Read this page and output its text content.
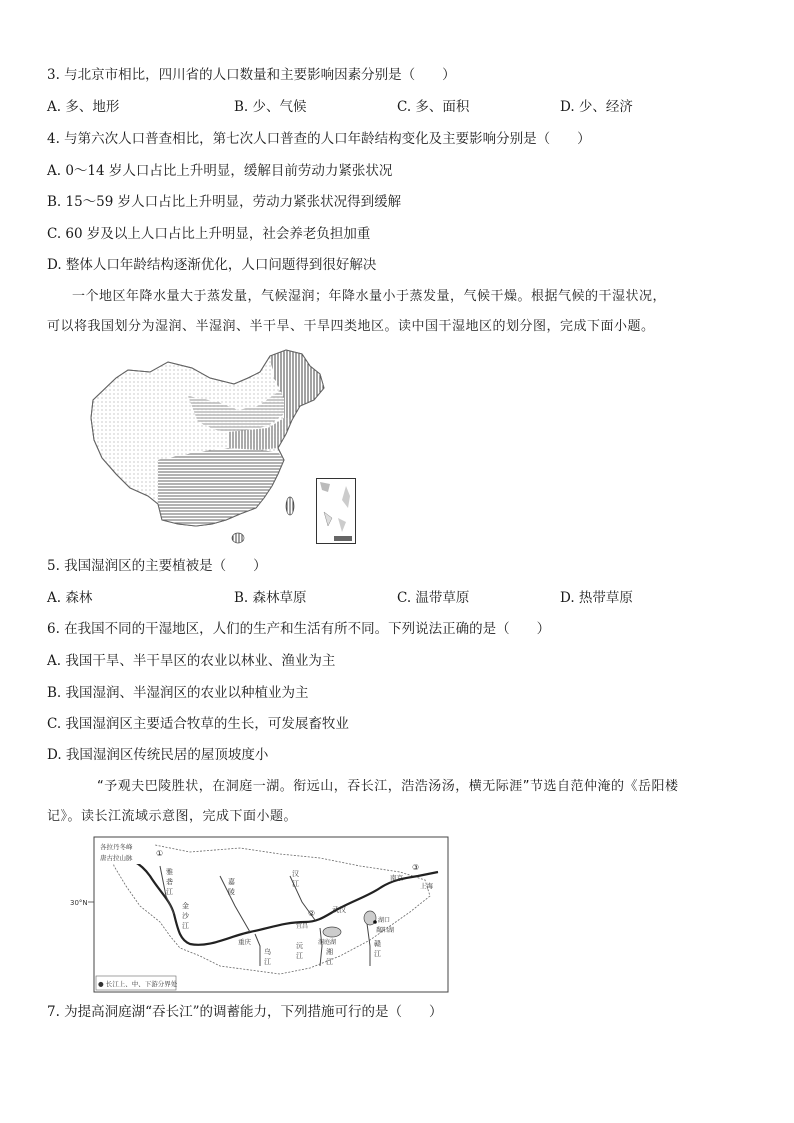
3. 与北京市相比，四川省的人口数量和主要影响因素分别是（　　）
A. 多、地形	B. 少、气候	C. 多、面积	D. 少、经济
4. 与第六次人口普查相比，第七次人口普查的人口年龄结构变化及主要影响分别是（　　）
A. 0～14 岁人口占比上升明显，缓解目前劳动力紧张状况
B. 15～59 岁人口占比上升明显，劳动力紧张状况得到缓解
C. 60 岁及以上人口占比上升明显，社会养老负担加重
D. 整体人口年龄结构逐渐优化，人口问题得到很好解决
一个地区年降水量大于蒸发量，气候湿润；年降水量小于蒸发量，气候干燥。根据气候的干湿状况，
可以将我国划分为湿润、半湿润、半干旱、干旱四类地区。读中国干湿地区的划分图，完成下面小题。
5. 我国湿润区的主要植被是（　　）
A. 森林	B. 森林草原	C. 温带草原	D. 热带草原
6. 在我国不同的干湿地区，人们的生产和生活有所不同。下列说法正确的是（　　）
A. 我国干旱、半干旱区的农业以林业、渔业为主
B. 我国湿润、半湿润区的农业以种植业为主
C. 我国湿润区主要适合牧草的生长，可发展畜牧业
D. 我国湿润区传统民居的屋顶坡度小
“予观夫巴陵胜状，在洞庭一湖。衔远山，吞长江，浩浩汤汤，横无际涯”节选自范仲淹的《岳阳楼
记》。读长江流域示意图，完成下面小题。
30°N
各拉丹冬峰
唐古拉山脉	①
②
③
雅
砻
江
金
沙
江
嘉
陵
汉
江
乌
江
沅
江	湘
江
赣
江
重庆
武汉
上海
南京
宜昌
湖口
洞庭湖
鄱阳湖
● 长江上、中、下游分界处
7. 为提高洞庭湖“吞长江”的调蓄能力，下列措施可行的是（　　）
